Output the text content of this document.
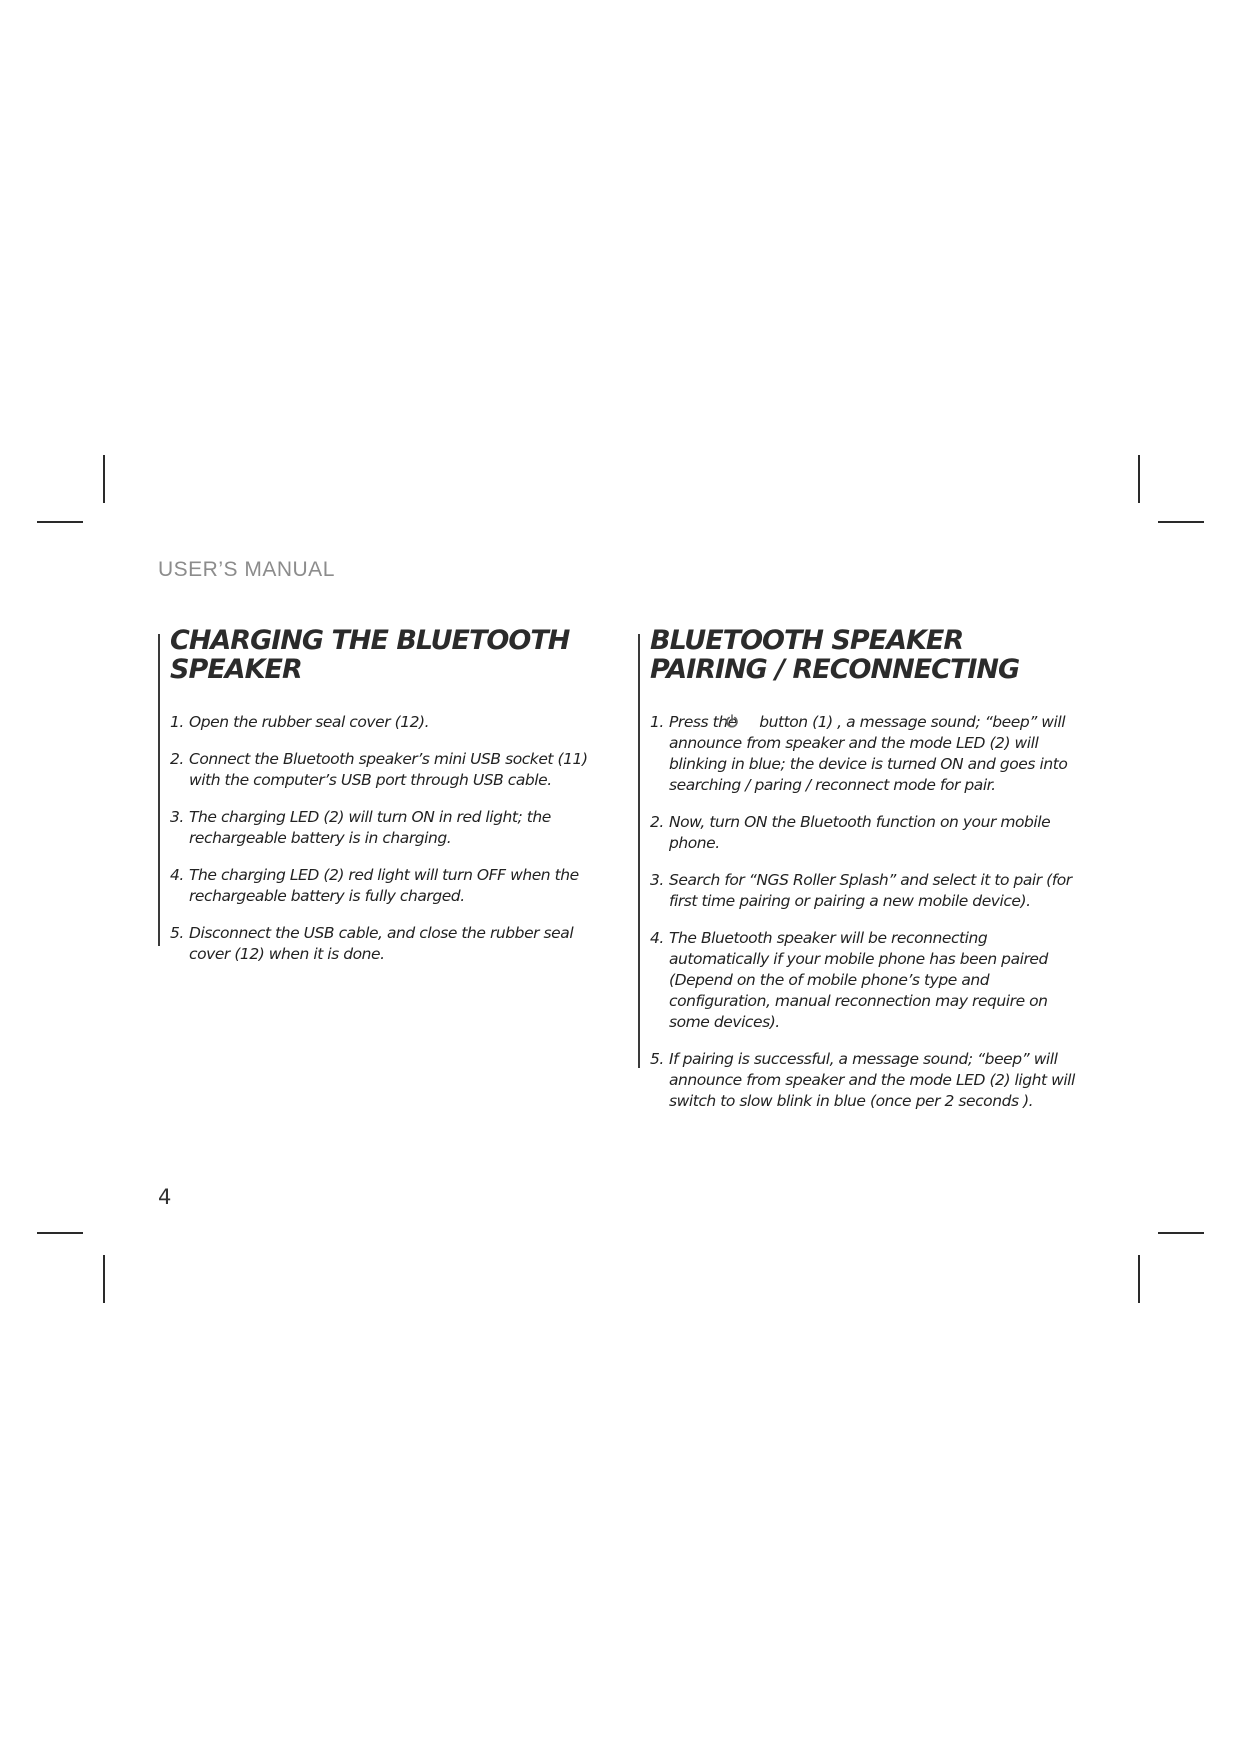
USER’S MANUAL
CHARGING THE BLUETOOTH SPEAKER
1. Open the rubber seal cover (12).
2. Connect the Bluetooth speaker’s mini USB socket (11) with the computer’s USB port through USB cable.
3. The charging LED (2) will turn ON in red light; the rechargeable battery is in charging.
4. The charging LED (2) red light will turn OFF when the rechargeable battery is fully charged.
5. Disconnect the USB cable, and close the rubber seal cover (12) when it is done.
BLUETOOTH SPEAKER PAIRING / RECONNECTING
1. Press the button (1) , a message sound; “beep” will announce from speaker and the mode LED (2) will blinking in blue; the device is turned ON and goes into searching / paring / reconnect mode for pair.
2. Now, turn ON the Bluetooth function on your mobile phone.
3. Search for “NGS Roller Splash” and select it to pair (for first time pairing or pairing a new mobile device).
4. The Bluetooth speaker will be reconnecting automatically if your mobile phone has been paired (Depend on the of mobile phone’s type and configuration, manual reconnection may require on some devices).
5. If pairing is successful, a message sound; “beep” will announce from speaker and the mode LED (2) light will switch to slow blink in blue (once per 2 seconds ).
4
